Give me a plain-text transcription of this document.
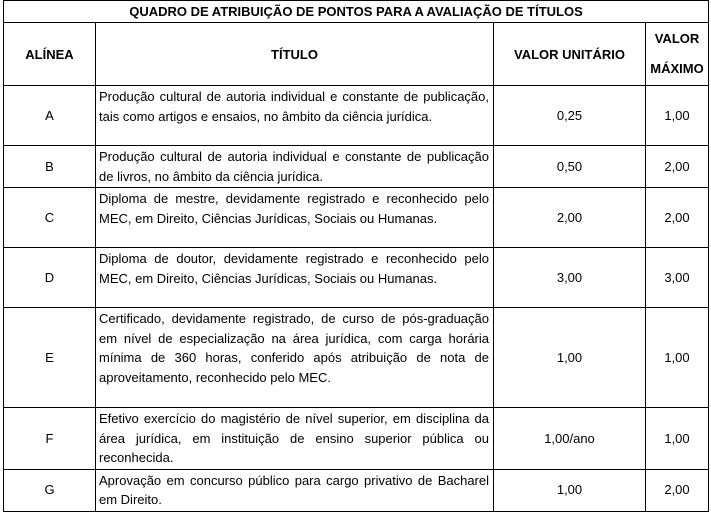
QUADRO DE ATRIBUIÇÃO DE PONTOS PARA A AVALIAÇÃO DE TÍTULOS			
ALÍNEA	TÍTULO	VALOR UNITÁRIO	VALOR
MÁXIMO

A	Produção cultural de autoria individual e constante de publicação, tais como artigos e ensaios, no âmbito da ciência jurídica.	0,25	1,00
B	Produção cultural de autoria individual e constante de publicação de livros, no âmbito da ciência jurídica.	0,50	2,00
C	Diploma de mestre, devidamente registrado e reconhecido pelo MEC, em Direito, Ciências Jurídicas, Sociais ou Humanas.	2,00	2,00
D	Diploma de doutor, devidamente registrado e reconhecido pelo MEC, em Direito, Ciências Jurídicas, Sociais ou Humanas.	3,00	3,00
E	Certificado, devidamente registrado, de curso de pós-graduação em nível de especialização na área jurídica, com carga horária mínima de 360 horas, conferido após atribuição de nota de aproveitamento, reconhecido pelo MEC.	1,00	1,00
F	Efetivo exercício do magistério de nível superior, em disciplina da área jurídica, em instituição de ensino superior pública ou reconhecida.	1,00/ano	1,00
G	Aprovação em concurso público para cargo privativo de Bacharel em Direito.	1,00	2,00
